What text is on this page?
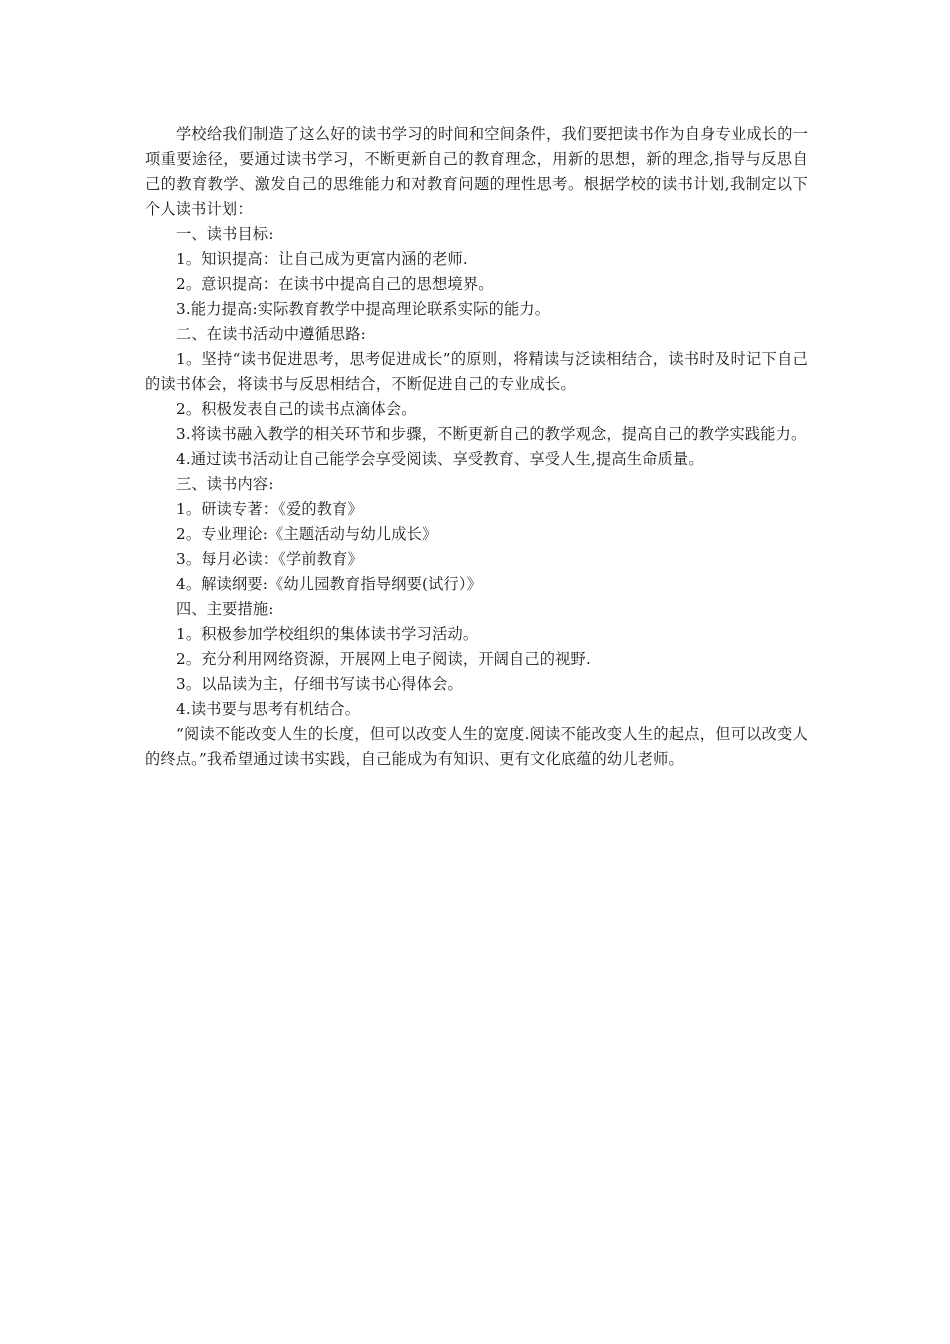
学校给我们制造了这么好的读书学习的时间和空间条件，我们要把读书作为自身专业成长的一项重要途径，要通过读书学习，不断更新自己的教育理念，用新的思想，新的理念,指导与反思自己的教育教学、激发自己的思维能力和对教育问题的理性思考。根据学校的读书计划,我制定以下个人读书计划：

一、读书目标:

1。知识提高：让自己成为更富内涵的老师.

2。意识提高：在读书中提高自己的思想境界。

3.能力提高:实际教育教学中提高理论联系实际的能力。

二、在读书活动中遵循思路:

1。坚持“读书促进思考，思考促进成长”的原则，将精读与泛读相结合，读书时及时记下自己的读书体会，将读书与反思相结合，不断促进自己的专业成长。

2。积极发表自己的读书点滴体会。

3.将读书融入教学的相关环节和步骤，不断更新自己的教学观念，提高自己的教学实践能力。

4.通过读书活动让自己能学会享受阅读、享受教育、享受人生,提高生命质量。

三、读书内容:

1。研读专著：《爱的教育》

2。专业理论:《主题活动与幼儿成长》

3。每月必读：《学前教育》

4。解读纲要:《幼儿园教育指导纲要(试行）》

四、主要措施:

1。积极参加学校组织的集体读书学习活动。

2。充分利用网络资源，开展网上电子阅读，开阔自己的视野.

3。以品读为主，仔细书写读书心得体会。

4.读书要与思考有机结合。

“阅读不能改变人生的长度，但可以改变人生的宽度.阅读不能改变人生的起点，但可以改变人的终点。”我希望通过读书实践，自己能成为有知识、更有文化底蕴的幼儿老师。
